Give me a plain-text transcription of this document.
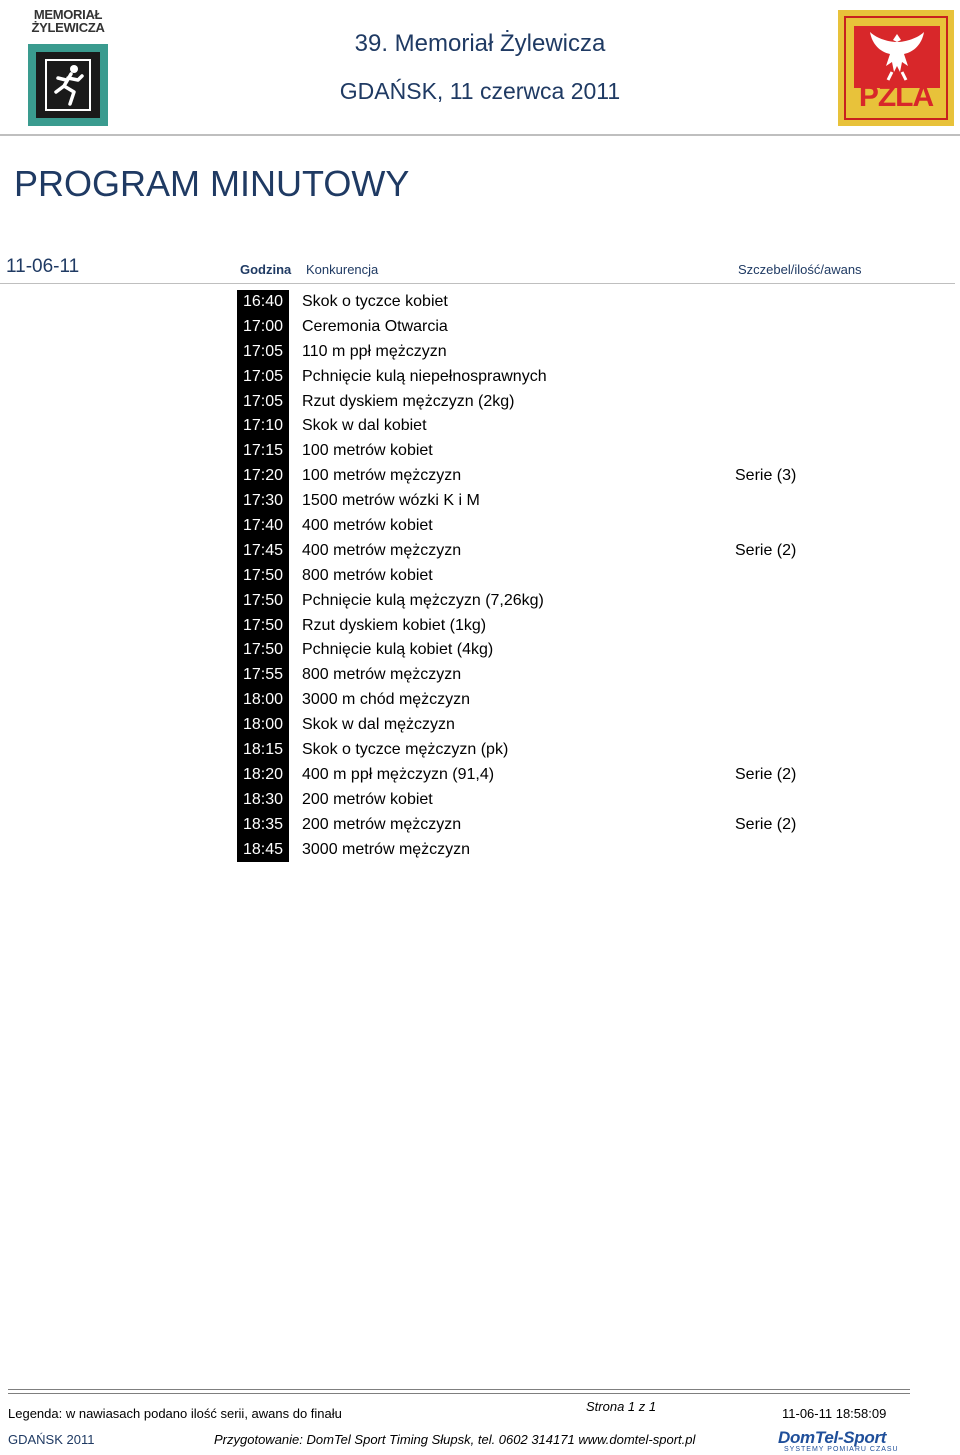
MEMORIAŁ ŻYLEWICZA
39. Memoriał Żylewicza
GDAŃSK, 11 czerwca 2011	PZLA
PROGRAM MINUTOWY
11-06-11	Godzina Konkurencja	Szczebel/ilość/awans
16:40	Skok o tyczce kobiet
17:00	Ceremonia Otwarcia
17:05	110 m ppł mężczyzn
17:05	Pchnięcie kulą niepełnosprawnych
17:05	Rzut dyskiem mężczyzn (2kg)
17:10	Skok w dal kobiet
17:15	100 metrów kobiet
17:20	100 metrów mężczyzn	Serie (3)
17:30	1500 metrów wózki K i M
17:40	400 metrów kobiet
17:45	400 metrów mężczyzn	Serie (2)
17:50	800 metrów kobiet
17:50	Pchnięcie kulą mężczyzn (7,26kg)
17:50	Rzut dyskiem kobiet (1kg)
17:50	Pchnięcie kulą kobiet (4kg)
17:55	800 metrów mężczyzn
18:00	3000 m chód mężczyzn
18:00	Skok w dal mężczyzn
18:15	Skok o tyczce mężczyzn (pk)
18:20	400 m ppł mężczyzn (91,4)	Serie (2)
18:30	200 metrów kobiet
18:35	200 metrów mężczyzn	Serie (2)
18:45	3000 metrów mężczyzn
Legenda: w nawiasach podano ilość serii, awans do finału	Strona 1 z 1	11-06-11 18:58:09
GDAŃSK 2011	Przygotowanie: DomTel Sport Timing Słupsk, tel. 0602 314171 www.domtel-sport.pl	DomTel-Sport
SYSTEMY POMIARU CZASU
